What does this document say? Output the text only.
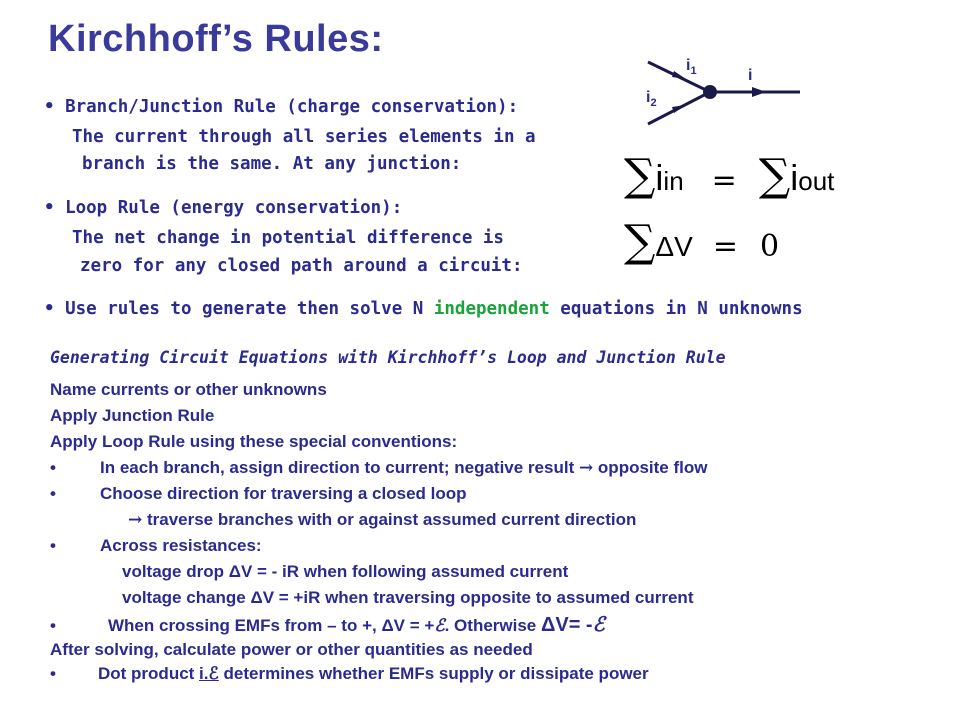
Kirchhoff’s Rules:
$i_1$
$i_2$
i
• Branch/Junction Rule (charge conservation):
The current through all series elements in a
branch is the same. At any junction:	∑iin = ∑iout
• Loop Rule (energy conservation):
The net change in potential difference is
zero for any closed path around a circuit: ∑ΔV = 0
• Use rules to generate then solve N independent equations in N unknowns
Generating Circuit Equations with Kirchhoff’s Loop and Junction Rule
Name currents or other unknowns
Apply Junction Rule
Apply Loop Rule using these special conventions:
•	In each branch, assign direction to current; negative result → opposite flow
•	Choose direction for traversing a closed loop
→ traverse branches with or against assumed current direction
•	Across resistances:
voltage drop ΔV = - iR when following assumed current
voltage change ΔV = +iR when traversing opposite to assumed current
•	When crossing EMFs from – to +, ΔV = +ℰ. Otherwise ΔV= -ℰ
After solving, calculate power or other quantities as needed
• Dot product i.ℰ determines whether EMFs supply or dissipate power
